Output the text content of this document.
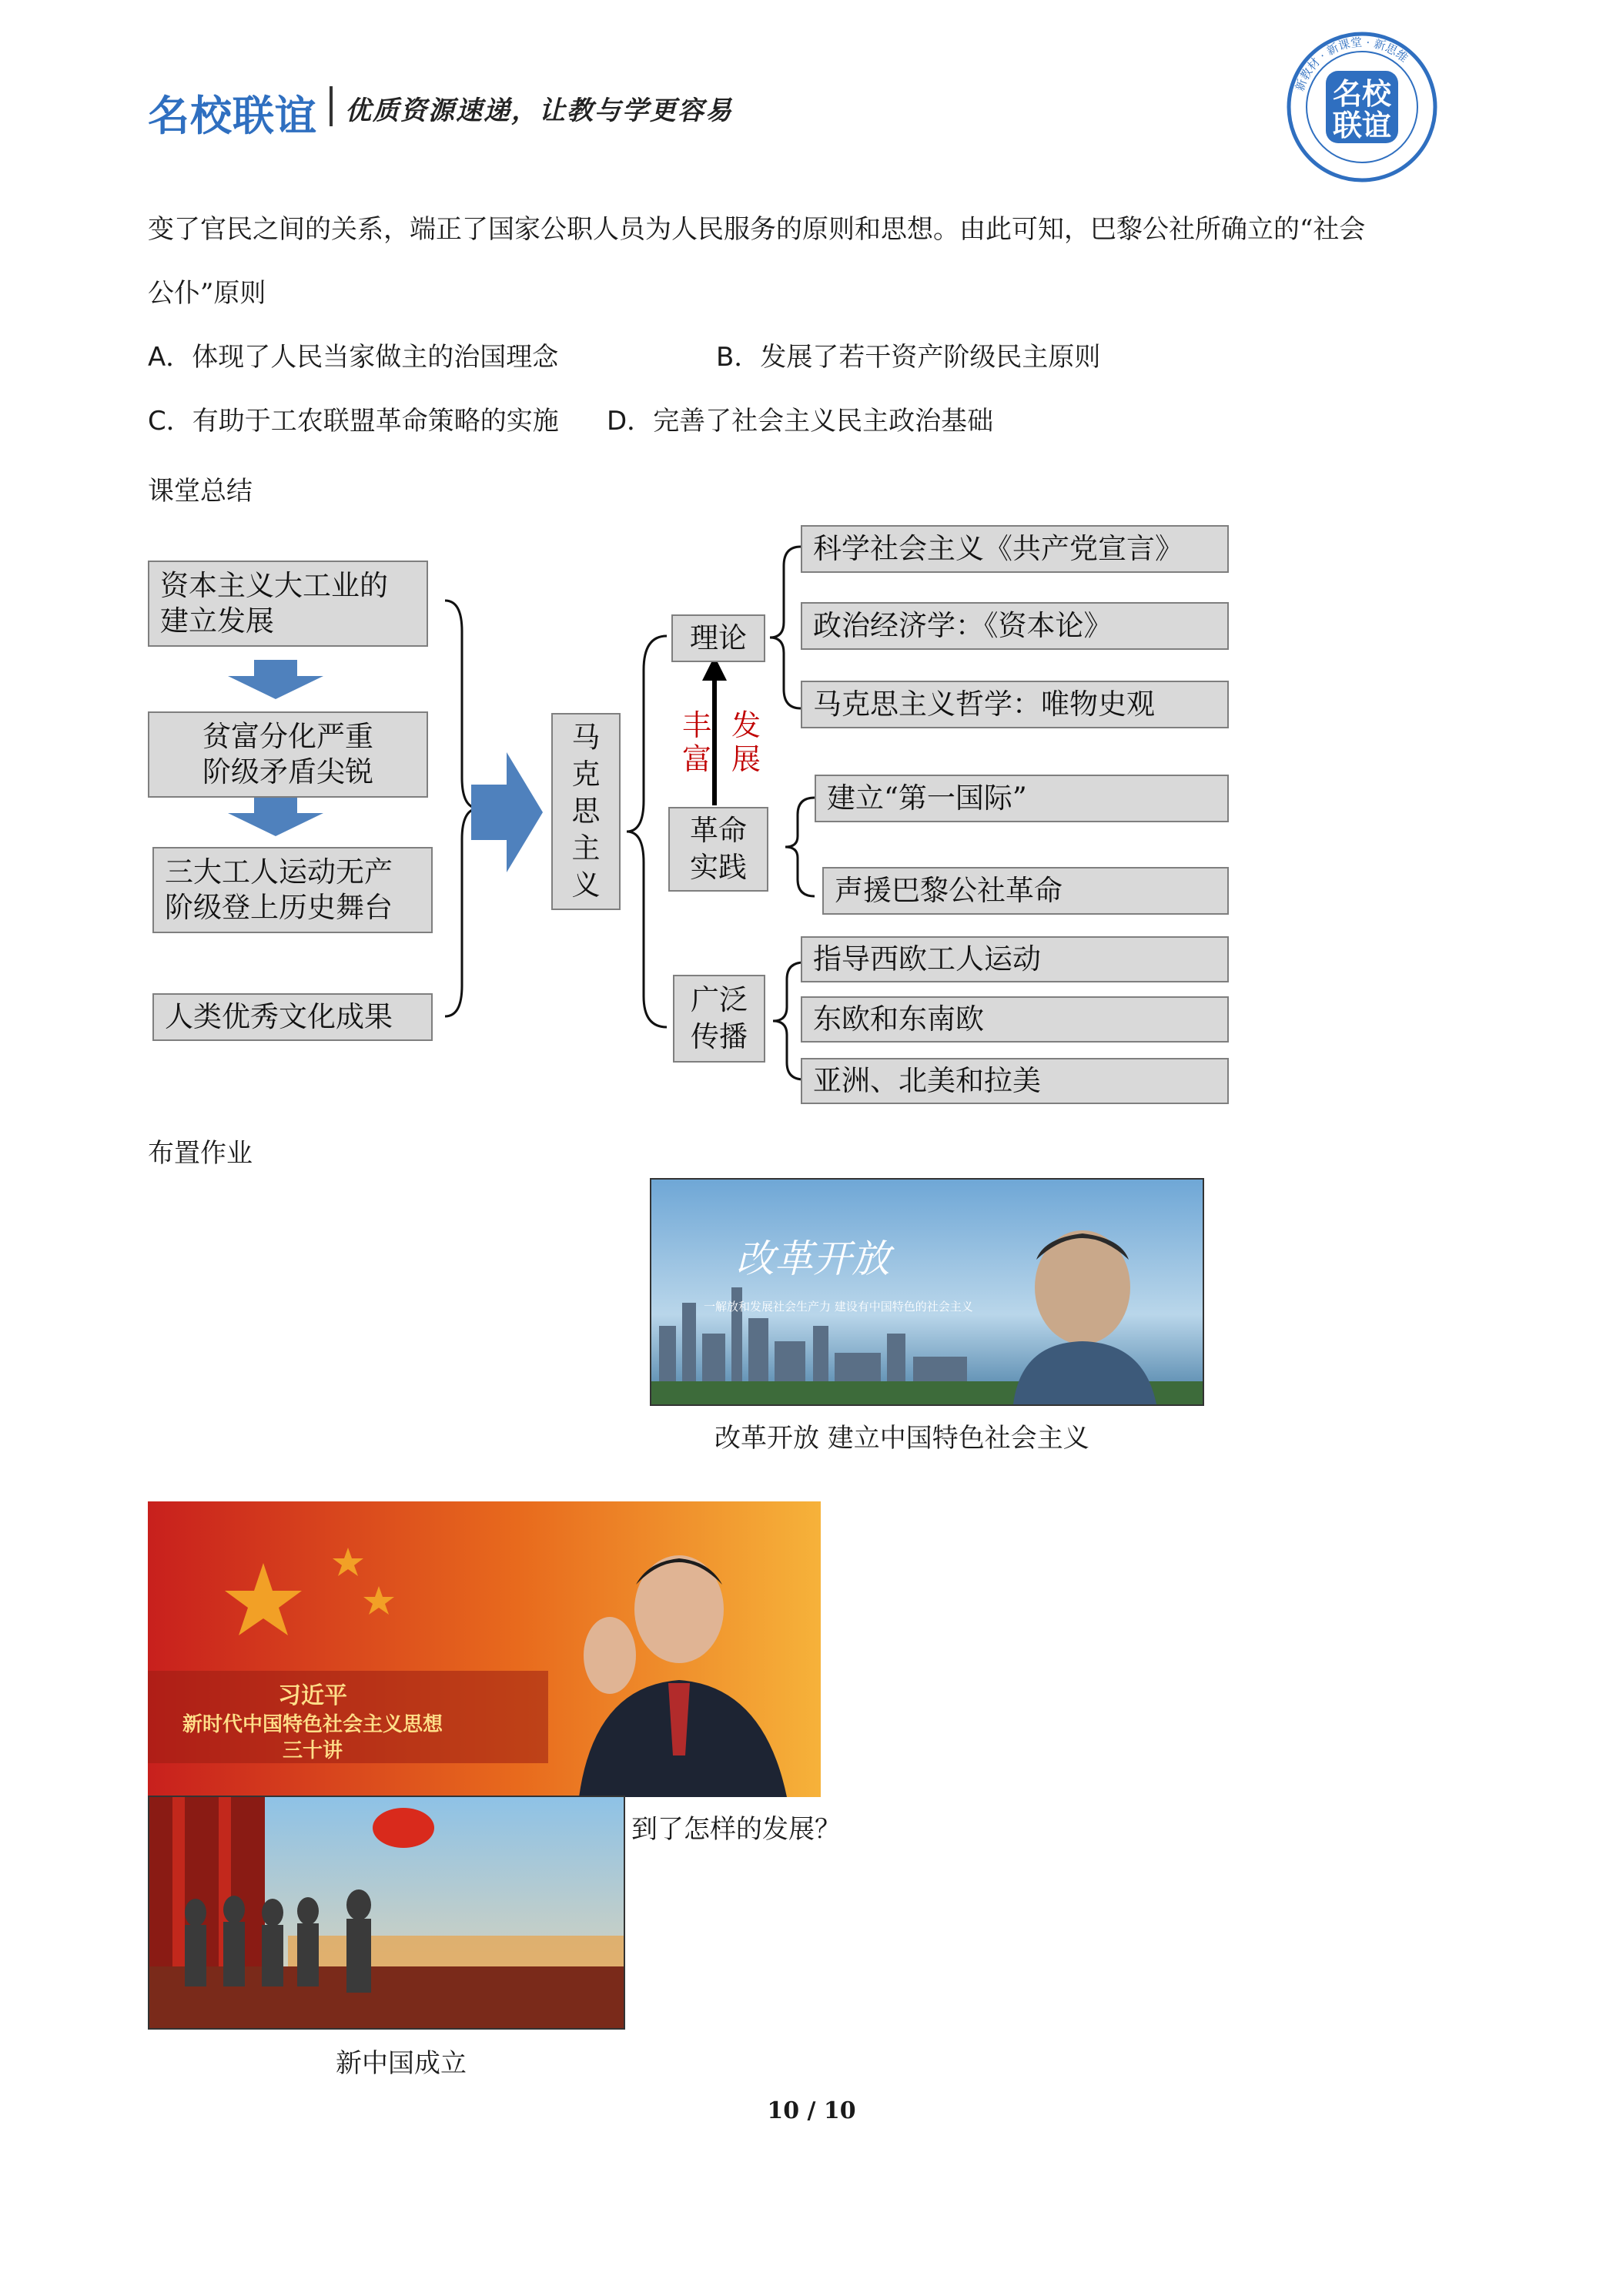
名校联谊 优质资源速递，让教与学更容易
新教材 · 新课堂 · 新思维
名校
联谊
变了官民之间的关系，端正了国家公职人员为人民服务的原则和思想。由此可知，巴黎公社所确立的“社会
公仆”原则
A．体现了人民当家做主的治国理念	B．发展了若干资产阶级民主原则
C．有助于工农联盟革命策略的实施 D．完善了社会主义民主政治基础
课堂总结
资本主义大工业的
建立发展
贫富分化严重
阶级矛盾尖锐
三大工人运动无产
阶级登上历史舞台
人类优秀文化成果
马
克
思
主
义
理论
革命
实践
广泛
传播
丰
富
发
展
科学社会主义《共产党宣言》
政治经济学：《资本论》
马克思主义哲学：唯物史观
建立“第一国际”
声援巴黎公社革命
指导西欧工人运动
东欧和东南欧
亚洲、北美和拉美
布置作业
改革开放
一解放和发展社会生产力 建设有中国特色的社会主义
改革开放 建立中国特色社会主义
习近平
新时代中国特色社会主义思想
三十讲
到了怎样的发展？
新中国成立
10 / 10
